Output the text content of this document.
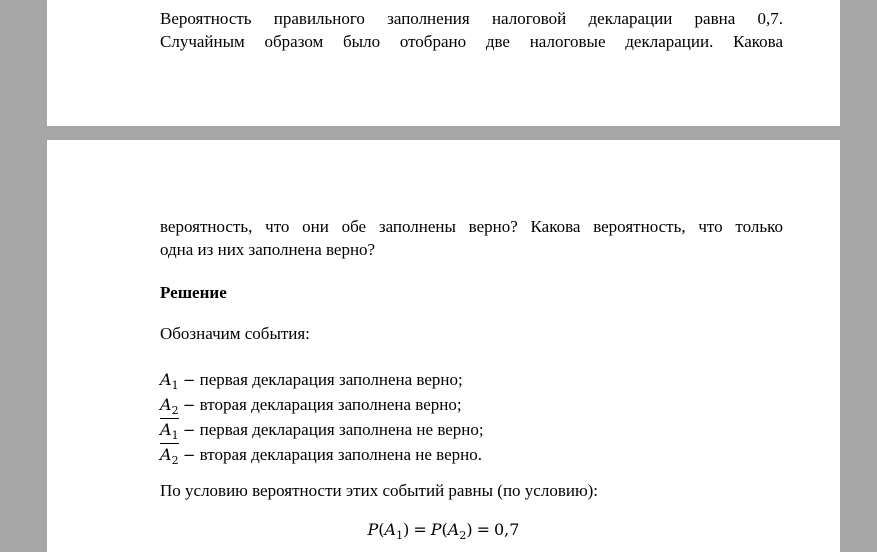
Вероятность правильного заполнения налоговой декларации равна 0,7.
Случайным образом было отобрано две налоговые декларации. Какова
вероятность, что они обе заполнены верно? Какова вероятность, что только
одна из них заполнена верно?
Решение
Обозначим события:
$A_1$ − первая декларация заполнена верно;
$A_2$ − вторая декларация заполнена верно;
$A_1$ − первая декларация заполнена не верно;
$A_2$ − вторая декларация заполнена не верно.
По условию вероятности этих событий равны (по условию):
$P(A_1) = P(A_2) = 0,7$
